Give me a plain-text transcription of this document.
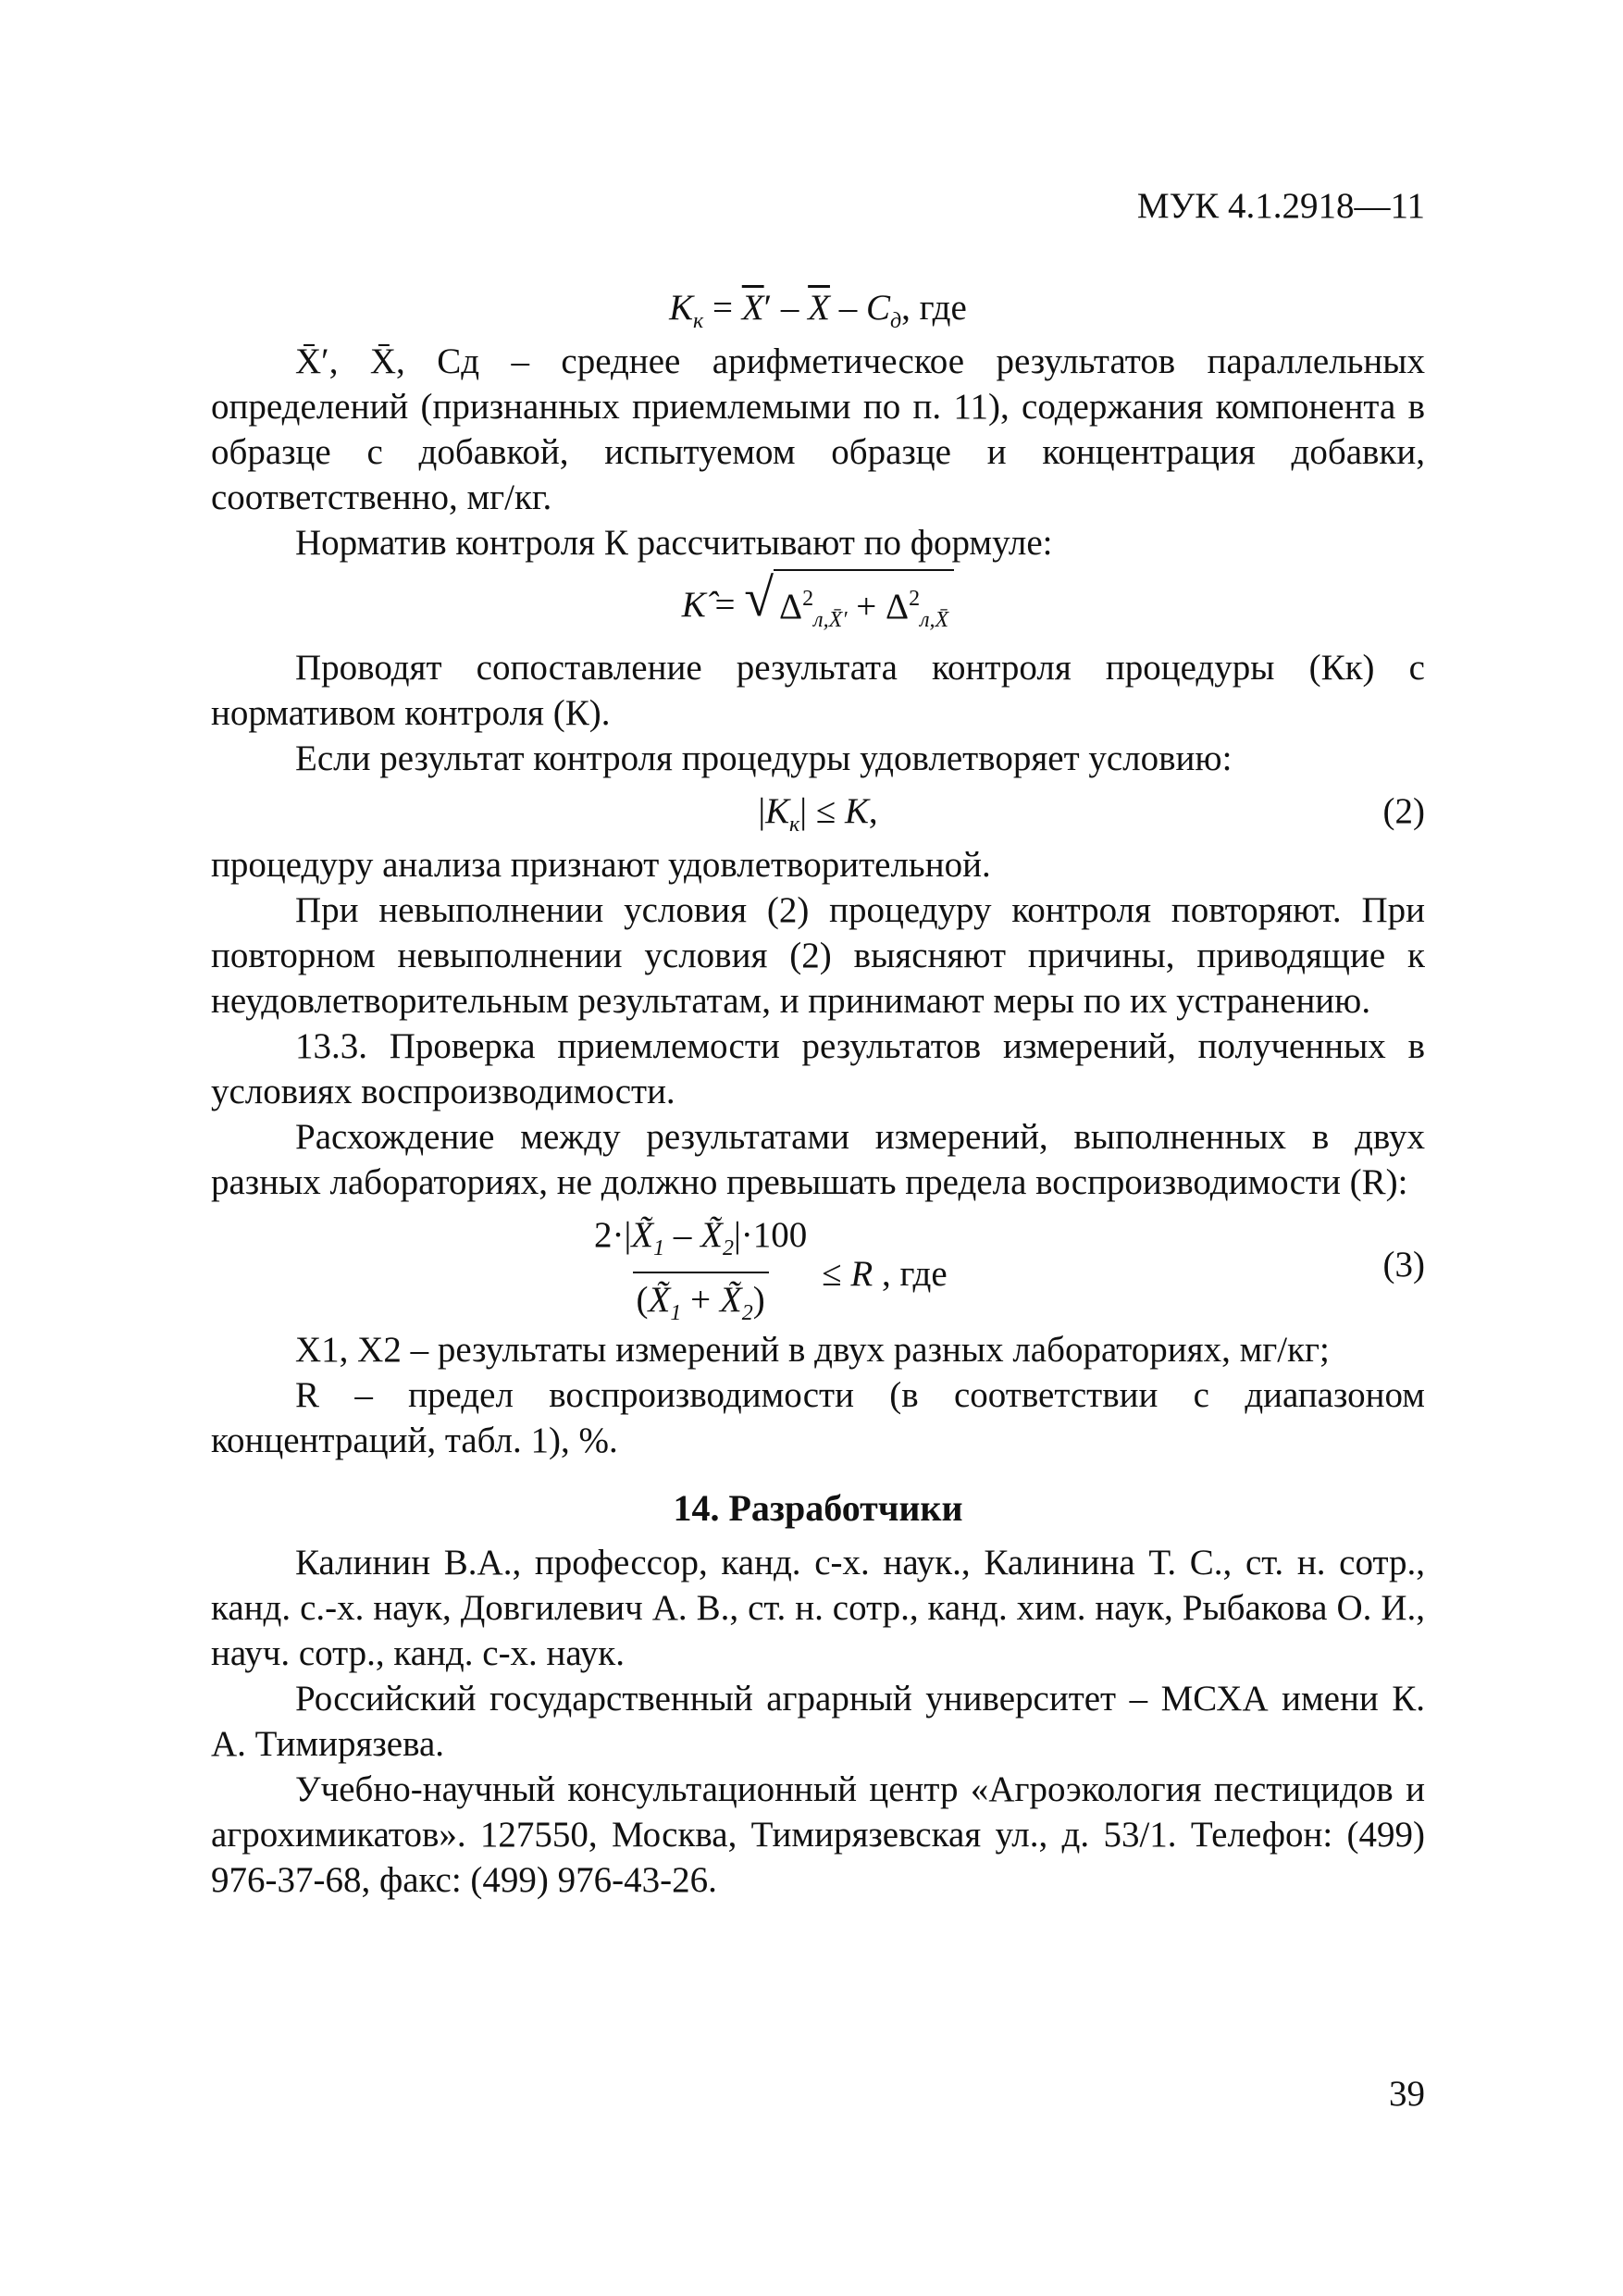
МУК 4.1.2918—11
$К_к = \overline{X}' - \overline{X} - С_д$, где

X̄′, X̄, Сд – среднее арифметическое результатов параллельных определений (признанных приемлемыми по п. 11), содержания компонента в образце с добавкой, испытуемом образце и концентрация добавки, соответственно, мг/кг.

Норматив контроля К рассчитывают по формуле:

К̂ = √ $\Delta^2_{л,X̄'} + \Delta^2_{л,X̄}$

Проводят сопоставление результата контроля процедуры (Кк) с нормативом контроля (К).

Если результат контроля процедуры удовлетворяет условию:

$|К_к| \le К$,	(2)

процедуру анализа признают удовлетворительной.

При невыполнении условия (2) процедуру контроля повторяют. При повторном невыполнении условия (2) выясняют причины, приводящие к неудовлетворительным результатам, и принимают меры по их устранению.

13.3. Проверка приемлемости результатов измерений, полученных в условиях воспроизводимости.

Расхождение между результатами измерений, выполненных в двух разных лабораториях, не должно превышать предела воспроизводимости (R):

$\frac{2\cdot|X̃_1 - X̃_2|\cdot 100}{(X̃_1 + X̃_2)} \le R$ , где	(3)

X1, X2 – результаты измерений в двух разных лабораториях, мг/кг;

R – предел воспроизводимости (в соответствии с диапазоном концентраций, табл. 1), %.

14. Разработчики

Калинин В.А., профессор, канд. с-х. наук., Калинина Т. С., ст. н. сотр., канд. с.-х. наук, Довгилевич А. В., ст. н. сотр., канд. хим. наук, Рыбакова О. И., науч. сотр., канд. с-х. наук.

Российский государственный аграрный университет – МСХА имени К. А. Тимирязева.

Учебно-научный консультационный центр «Агроэкология пестицидов и агрохимикатов». 127550, Москва, Тимирязевская ул., д. 53/1. Телефон: (499) 976-37-68, факс: (499) 976-43-26.

39
